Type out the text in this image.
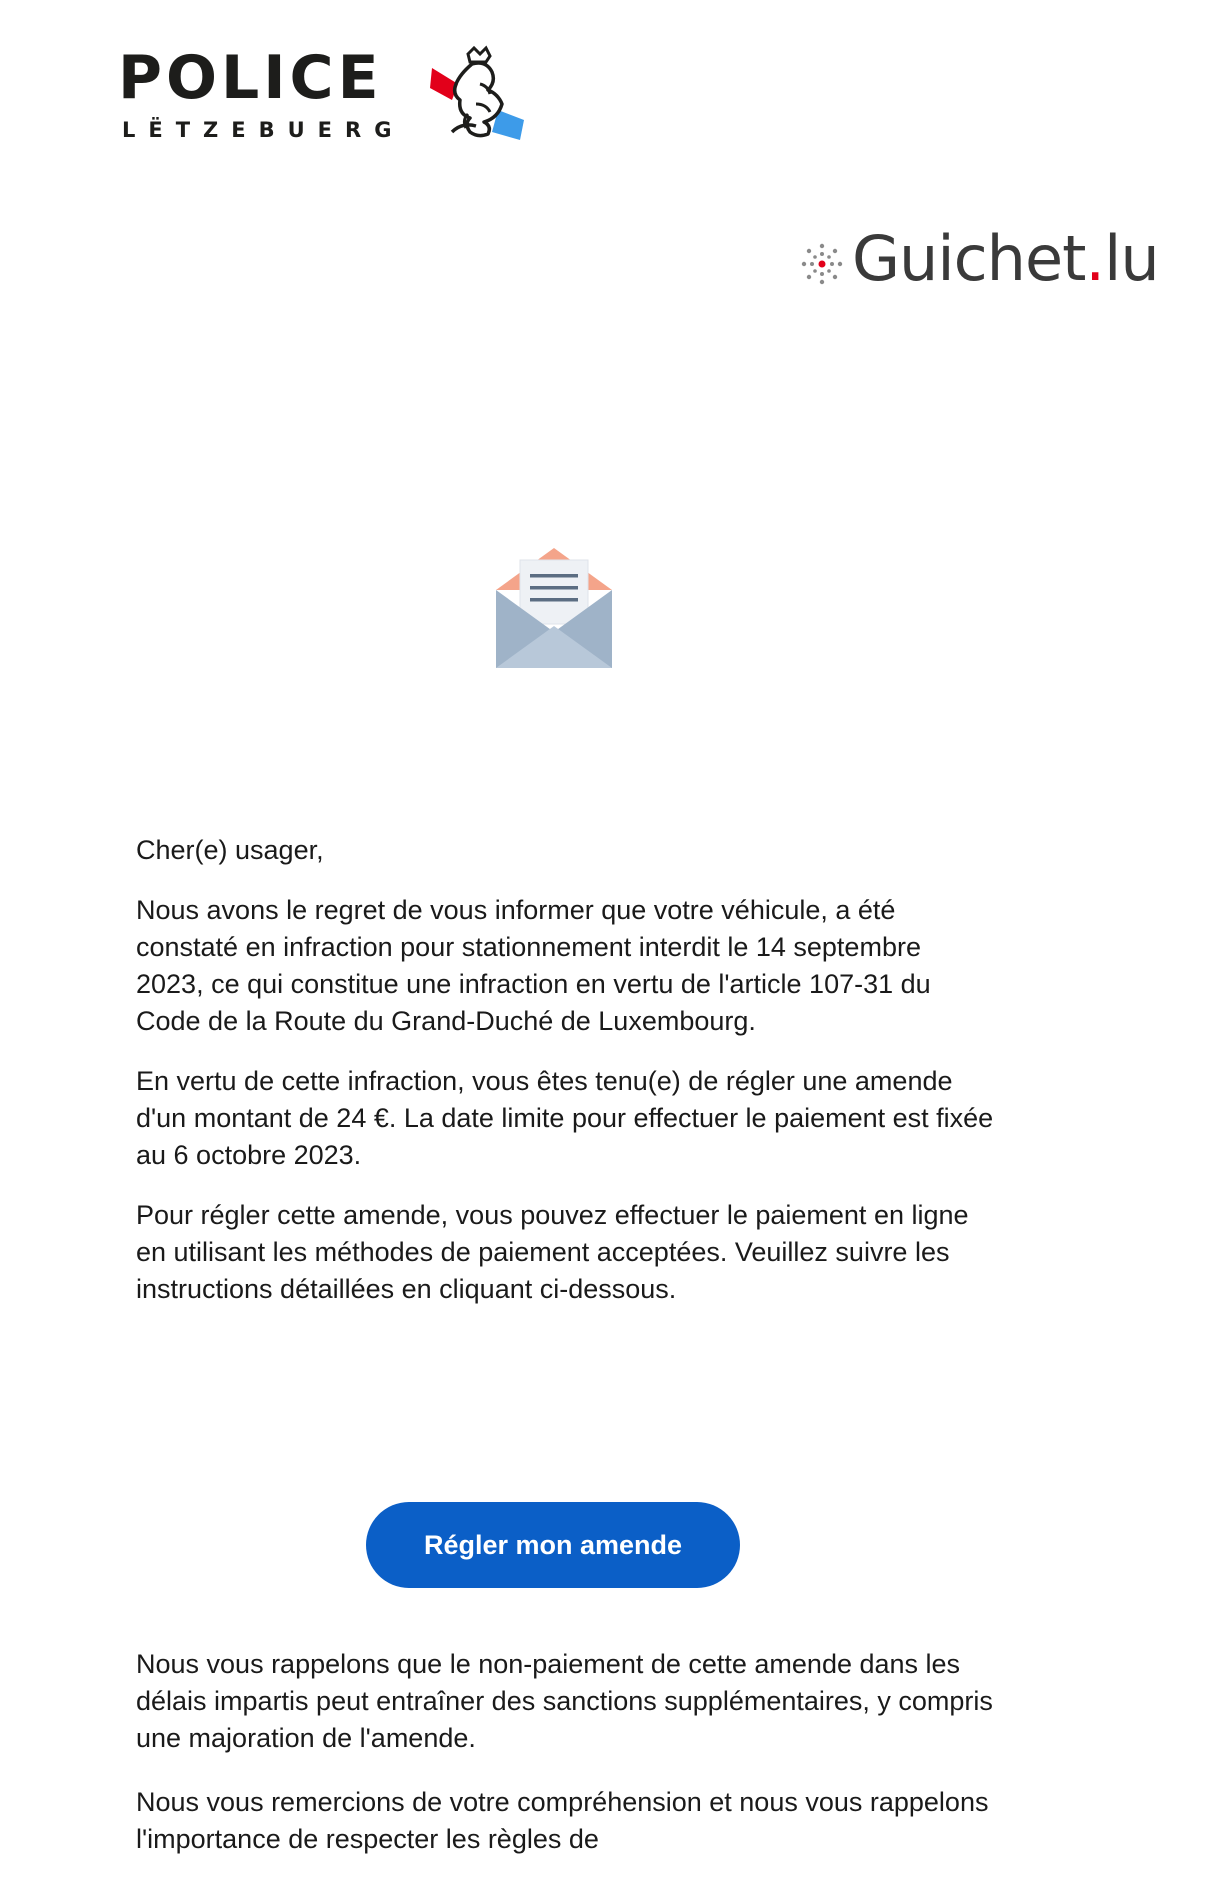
POLICE
LËTZEBUERG
Guichet.lu

Cher(e) usager,

Nous avons le regret de vous informer que votre véhicule, a été constaté en infraction pour stationnement interdit le 14 septembre 2023, ce qui constitue une infraction en vertu de l'article 107-31 du Code de la Route du Grand-Duché de Luxembourg.

En vertu de cette infraction, vous êtes tenu(e) de régler une amende d'un montant de 24 €. La date limite pour effectuer le paiement est fixée au 6 octobre 2023.

Pour régler cette amende, vous pouvez effectuer le paiement en ligne en utilisant les méthodes de paiement acceptées. Veuillez suivre les instructions détaillées en cliquant ci-dessous.

Régler mon amende

Nous vous rappelons que le non-paiement de cette amende dans les délais impartis peut entraîner des sanctions supplémentaires, y compris une majoration de l'amende.

Nous vous remercions de votre compréhension et nous vous rappelons l'importance de respecter les règles de
